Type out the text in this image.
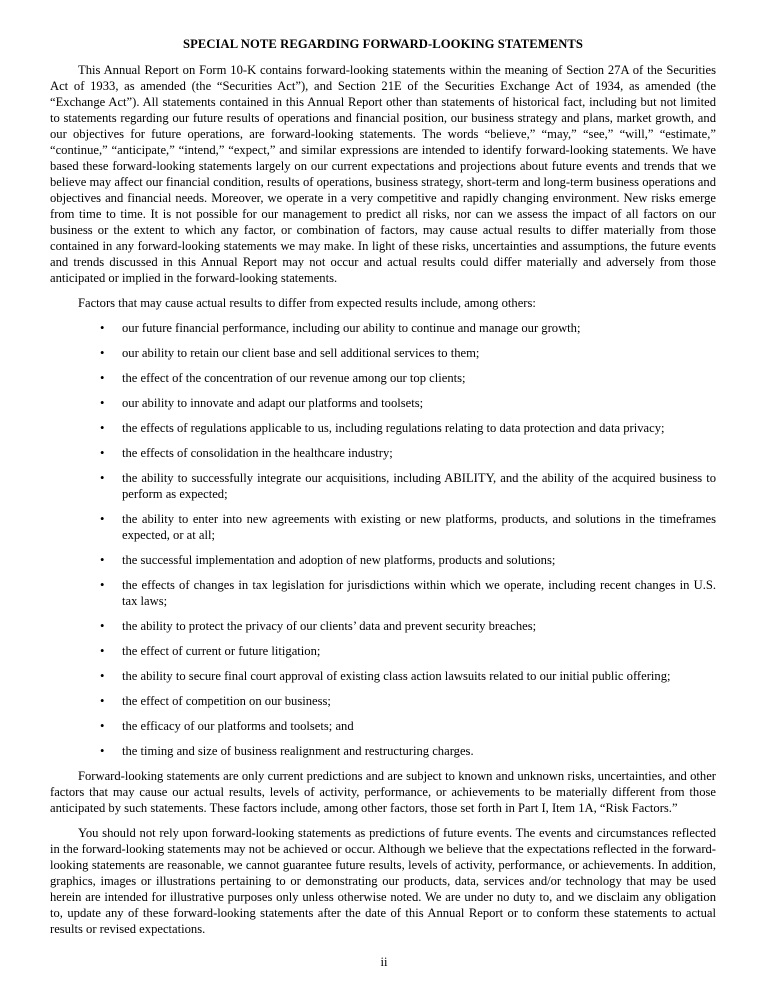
SPECIAL NOTE REGARDING FORWARD-LOOKING STATEMENTS

This Annual Report on Form 10-K contains forward-looking statements within the meaning of Section 27A of the Securities Act of 1933, as amended (the “Securities Act”), and Section 21E of the Securities Exchange Act of 1934, as amended (the “Exchange Act”). All statements contained in this Annual Report other than statements of historical fact, including but not limited to statements regarding our future results of operations and financial position, our business strategy and plans, market growth, and our objectives for future operations, are forward-looking statements. The words “believe,” “may,” “see,” “will,” “estimate,” “continue,” “anticipate,” “intend,” “expect,” and similar expressions are intended to identify forward-looking statements. We have based these forward-looking statements largely on our current expectations and projections about future events and trends that we believe may affect our financial condition, results of operations, business strategy, short-term and long-term business operations and objectives and financial needs. Moreover, we operate in a very competitive and rapidly changing environment. New risks emerge from time to time. It is not possible for our management to predict all risks, nor can we assess the impact of all factors on our business or the extent to which any factor, or combination of factors, may cause actual results to differ materially from those contained in any forward-looking statements we may make. In light of these risks, uncertainties and assumptions, the future events and trends discussed in this Annual Report may not occur and actual results could differ materially and adversely from those anticipated or implied in the forward-looking statements.

Factors that may cause actual results to differ from expected results include, among others:

• our future financial performance, including our ability to continue and manage our growth;
• our ability to retain our client base and sell additional services to them;
• the effect of the concentration of our revenue among our top clients;
• our ability to innovate and adapt our platforms and toolsets;
• the effects of regulations applicable to us, including regulations relating to data protection and data privacy;
• the effects of consolidation in the healthcare industry;
• the ability to successfully integrate our acquisitions, including ABILITY, and the ability of the acquired business to perform as expected;
• the ability to enter into new agreements with existing or new platforms, products, and solutions in the timeframes expected, or at all;
• the successful implementation and adoption of new platforms, products and solutions;
• the effects of changes in tax legislation for jurisdictions within which we operate, including recent changes in U.S. tax laws;
• the ability to protect the privacy of our clients’ data and prevent security breaches;
• the effect of current or future litigation;
• the ability to secure final court approval of existing class action lawsuits related to our initial public offering;
• the effect of competition on our business;
• the efficacy of our platforms and toolsets; and
• the timing and size of business realignment and restructuring charges.

Forward-looking statements are only current predictions and are subject to known and unknown risks, uncertainties, and other factors that may cause our actual results, levels of activity, performance, or achievements to be materially different from those anticipated by such statements. These factors include, among other factors, those set forth in Part I, Item 1A, “Risk Factors.”

You should not rely upon forward-looking statements as predictions of future events. The events and circumstances reflected in the forward-looking statements may not be achieved or occur. Although we believe that the expectations reflected in the forward-looking statements are reasonable, we cannot guarantee future results, levels of activity, performance, or achievements. In addition, graphics, images or illustrations pertaining to or demonstrating our products, data, services and/or technology that may be used herein are intended for illustrative purposes only unless otherwise noted. We are under no duty to, and we disclaim any obligation to, update any of these forward-looking statements after the date of this Annual Report or to conform these statements to actual results or revised expectations.

ii
